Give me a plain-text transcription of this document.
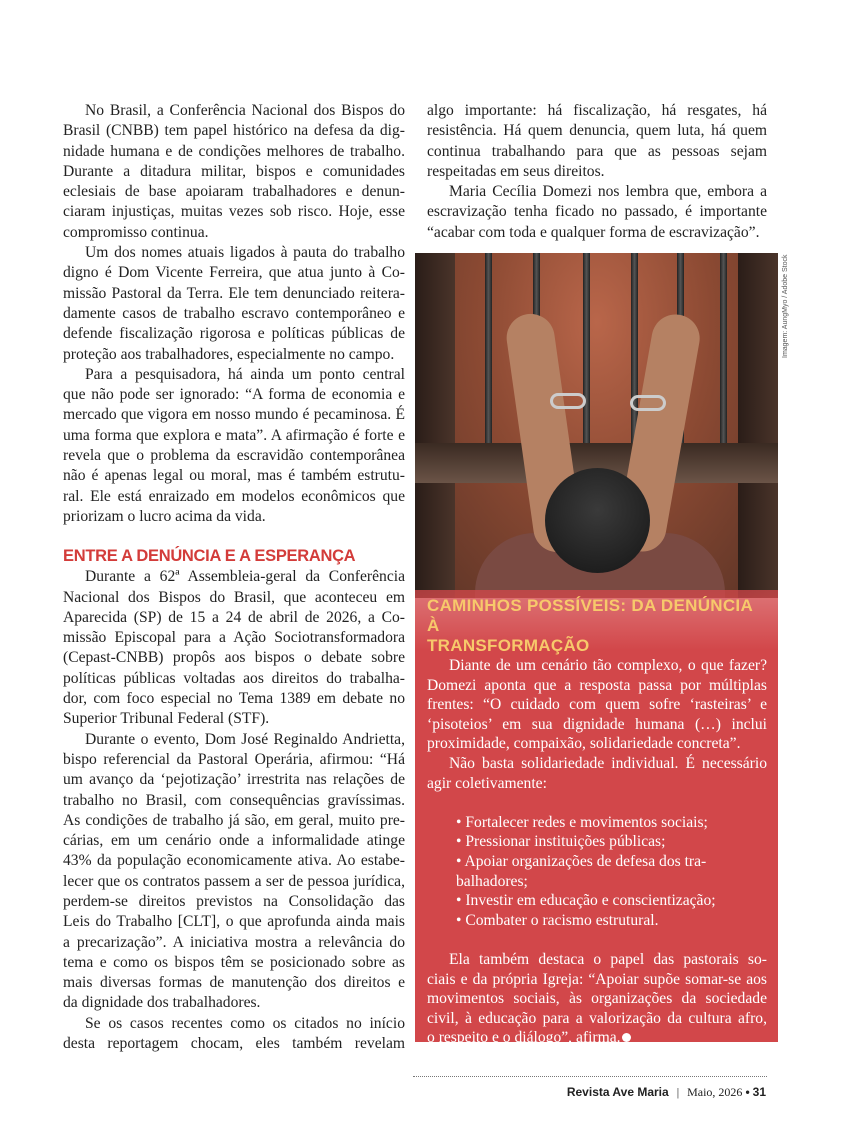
No Brasil, a Conferência Nacional dos Bispos do
Brasil (CNBB) tem papel histórico na defesa da dig-
nidade humana e de condições melhores de trabalho.
Durante a ditadura militar, bispos e comunidades
eclesiais de base apoiaram trabalhadores e denun-
ciaram injustiças, muitas vezes sob risco. Hoje, esse
compromisso continua.
Um dos nomes atuais ligados à pauta do trabalho
digno é Dom Vicente Ferreira, que atua junto à Co-
missão Pastoral da Terra. Ele tem denunciado reitera-
damente casos de trabalho escravo contemporâneo e
defende fiscalização rigorosa e políticas públicas de
proteção aos trabalhadores, especialmente no campo.
Para a pesquisadora, há ainda um ponto central
que não pode ser ignorado: “A forma de economia e
mercado que vigora em nosso mundo é pecaminosa. É
uma forma que explora e mata”. A afirmação é forte e
revela que o problema da escravidão contemporânea
não é apenas legal ou moral, mas é também estrutu-
ral. Ele está enraizado em modelos econômicos que
priorizam o lucro acima da vida.
ENTRE A DENÚNCIA E A ESPERANÇA
Durante a 62ª Assembleia-geral da Conferência
Nacional dos Bispos do Brasil, que aconteceu em
Aparecida (SP) de 15 a 24 de abril de 2026, a Co-
missão Episcopal para a Ação Sociotransformadora
(Cepast-CNBB) propôs aos bispos o debate sobre
políticas públicas voltadas aos direitos do trabalha-
dor, com foco especial no Tema 1389 em debate no
Superior Tribunal Federal (STF).
Durante o evento, Dom José Reginaldo Andrietta,
bispo referencial da Pastoral Operária, afirmou: “Há
um avanço da ‘pejotização’ irrestrita nas relações de
trabalho no Brasil, com consequências gravíssimas.
As condições de trabalho já são, em geral, muito pre-
cárias, em um cenário onde a informalidade atinge
43% da população economicamente ativa. Ao estabe-
lecer que os contratos passem a ser de pessoa jurídica,
perdem-se direitos previstos na Consolidação das
Leis do Trabalho [CLT], o que aprofunda ainda mais
a precarização”. A iniciativa mostra a relevância do
tema e como os bispos têm se posicionado sobre as
mais diversas formas de manutenção dos direitos e
da dignidade dos trabalhadores.
Se os casos recentes como os citados no início
desta reportagem chocam, eles também revelam
algo importante: há fiscalização, há resgates, há
resistência. Há quem denuncia, quem luta, há quem
continua trabalhando para que as pessoas sejam
respeitadas em seus direitos.
Maria Cecília Domezi nos lembra que, embora a
escravização tenha ficado no passado, é importante
“acabar com toda e qualquer forma de escravização”.
Imagem: AungMyo / Adobe Stock
CAMINHOS POSSÍVEIS: DA DENÚNCIA À
TRANSFORMAÇÃO
Diante de um cenário tão complexo, o que fazer?
Domezi aponta que a resposta passa por múltiplas
frentes: “O cuidado com quem sofre ‘rasteiras’ e
‘pisoteios’ em sua dignidade humana (…) inclui
proximidade, compaixão, solidariedade concreta”.
Não basta solidariedade individual. É necessário
agir coletivamente:
• Fortalecer redes e movimentos sociais;
• Pressionar instituições públicas;
• Apoiar organizações de defesa dos tra-
balhadores;
• Investir em educação e conscientização;
• Combater o racismo estrutural.
Ela também destaca o papel das pastorais so-
ciais e da própria Igreja: “Apoiar supõe somar-se aos
movimentos sociais, às organizações da sociedade
civil, à educação para a valorização da cultura afro,
o respeito e o diálogo”, afirma.
Revista Ave Maria | Maio, 2026 • 31
